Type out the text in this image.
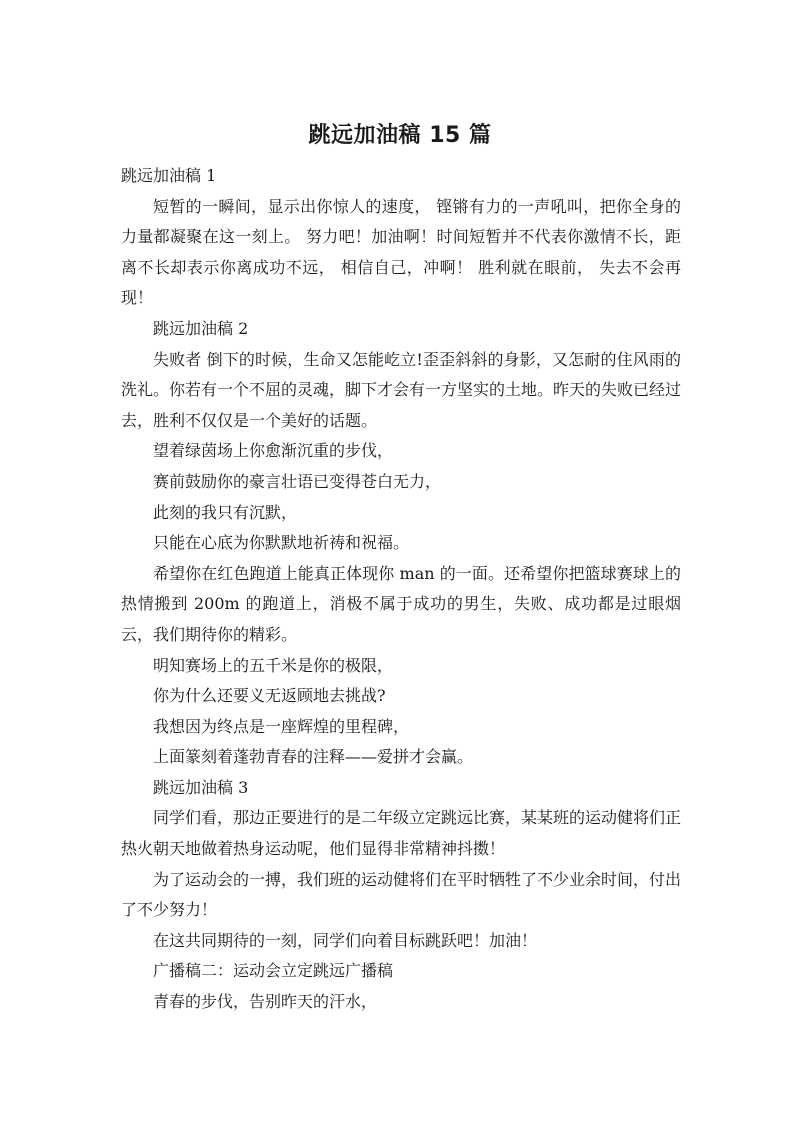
跳远加油稿 15 篇

跳远加油稿 1

短暂的一瞬间，显示出你惊人的速度， 铿锵有力的一声吼叫，把你全身的力量都凝聚在这一刻上。 努力吧！加油啊！时间短暂并不代表你激情不长，距离不长却表示你离成功不远， 相信自己，冲啊！ 胜利就在眼前， 失去不会再现！

跳远加油稿 2

失败者 倒下的时候，生命又怎能屹立!歪歪斜斜的身影，又怎耐的住风雨的洗礼。你若有一个不屈的灵魂，脚下才会有一方坚实的土地。昨天的失败已经过去，胜利不仅仅是一个美好的话题。

望着绿茵场上你愈渐沉重的步伐，

赛前鼓励你的豪言壮语已变得苍白无力，

此刻的我只有沉默，

只能在心底为你默默地祈祷和祝福。

希望你在红色跑道上能真正体现你 man 的一面。还希望你把篮球赛球上的热情搬到 200m 的跑道上，消极不属于成功的男生，失败、成功都是过眼烟云，我们期待你的精彩。

明知赛场上的五千米是你的极限，

你为什么还要义无返顾地去挑战?

我想因为终点是一座辉煌的里程碑，

上面篆刻着蓬勃青春的注释——爱拼才会赢。

跳远加油稿 3

同学们看，那边正要进行的是二年级立定跳远比赛，某某班的运动健将们正热火朝天地做着热身运动呢，他们显得非常精神抖擞！

为了运动会的一搏，我们班的运动健将们在平时牺牲了不少业余时间，付出了不少努力！

在这共同期待的一刻，同学们向着目标跳跃吧！加油！

广播稿二：运动会立定跳远广播稿

青春的步伐，告别昨天的汗水，
